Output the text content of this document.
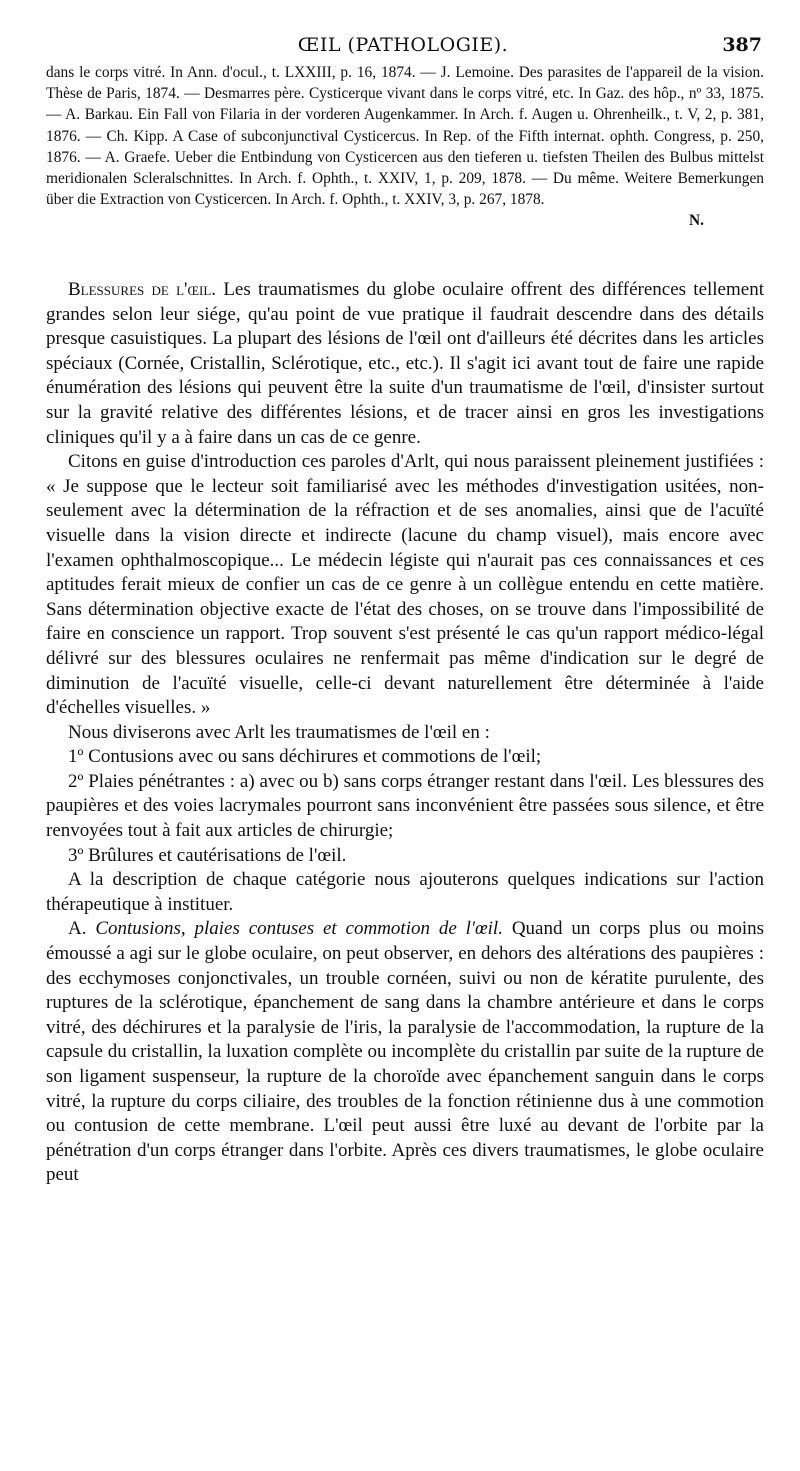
ŒIL (PATHOLOGIE).	387
dans le corps vitré. In Ann. d'ocul., t. LXXIII, p. 16, 1874. — J. Lemoine. Des parasites de l'appareil de la vision. Thèse de Paris, 1874. — Desmarres père. Cysticerque vivant dans le corps vitré, etc. In Gaz. des hôp., nº 33, 1875. — A. Barkau. Ein Fall von Filaria in der vorderen Augenkammer. In Arch. f. Augen u. Ohrenheilk., t. V, 2, p. 381, 1876. — Ch. Kipp. A Case of subconjunctival Cysticercus. In Rep. of the Fifth internat. ophth. Congress, p. 250, 1876. — A. Graefe. Ueber die Entbindung von Cysticercen aus den tieferen u. tiefsten Theilen des Bulbus mittelst meridionalen Scleralschnittes. In Arch. f. Ophth., t. XXIV, 1, p. 209, 1878. — Du même. Weitere Bemerkungen über die Extraction von Cysticercen. In Arch. f. Ophth., t. XXIV, 3, p. 267, 1878.
N.

Blessures de l'œil. Les traumatismes du globe oculaire offrent des différences tellement grandes selon leur siége, qu'au point de vue pratique il faudrait descendre dans des détails presque casuistiques. La plupart des lésions de l'œil ont d'ailleurs été décrites dans les articles spéciaux (Cornée, Cristallin, Sclérotique, etc., etc.). Il s'agit ici avant tout de faire une rapide énumération des lésions qui peuvent être la suite d'un traumatisme de l'œil, d'insister surtout sur la gravité relative des différentes lésions, et de tracer ainsi en gros les investigations cliniques qu'il y a à faire dans un cas de ce genre.

Citons en guise d'introduction ces paroles d'Arlt, qui nous paraissent pleinement justifiées : « Je suppose que le lecteur soit familiarisé avec les méthodes d'investigation usitées, non-seulement avec la détermination de la réfraction et de ses anomalies, ainsi que de l'acuïté visuelle dans la vision directe et indirecte (lacune du champ visuel), mais encore avec l'examen ophthalmoscopique... Le médecin légiste qui n'aurait pas ces connaissances et ces aptitudes ferait mieux de confier un cas de ce genre à un collègue entendu en cette matière. Sans détermination objective exacte de l'état des choses, on se trouve dans l'impossibilité de faire en conscience un rapport. Trop souvent s'est présenté le cas qu'un rapport médico-légal délivré sur des blessures oculaires ne renfermait pas même d'indication sur le degré de diminution de l'acuïté visuelle, celle-ci devant naturellement être déterminée à l'aide d'échelles visuelles. »

Nous diviserons avec Arlt les traumatismes de l'œil en :

1º Contusions avec ou sans déchirures et commotions de l'œil;

2º Plaies pénétrantes : a) avec ou b) sans corps étranger restant dans l'œil. Les blessures des paupières et des voies lacrymales pourront sans inconvénient être passées sous silence, et être renvoyées tout à fait aux articles de chirurgie;

3º Brûlures et cautérisations de l'œil.

A la description de chaque catégorie nous ajouterons quelques indications sur l'action thérapeutique à instituer.

A. Contusions, plaies contuses et commotion de l'œil. Quand un corps plus ou moins émoussé a agi sur le globe oculaire, on peut observer, en dehors des altérations des paupières : des ecchymoses conjonctivales, un trouble cornéen, suivi ou non de kératite purulente, des ruptures de la sclérotique, épanchement de sang dans la chambre antérieure et dans le corps vitré, des déchirures et la paralysie de l'iris, la paralysie de l'accommodation, la rupture de la capsule du cristallin, la luxation complète ou incomplète du cristallin par suite de la rupture de son ligament suspenseur, la rupture de la choroïde avec épanchement sanguin dans le corps vitré, la rupture du corps ciliaire, des troubles de la fonction rétinienne dus à une commotion ou contusion de cette membrane. L'œil peut aussi être luxé au devant de l'orbite par la pénétration d'un corps étranger dans l'orbite. Après ces divers traumatismes, le globe oculaire peut
